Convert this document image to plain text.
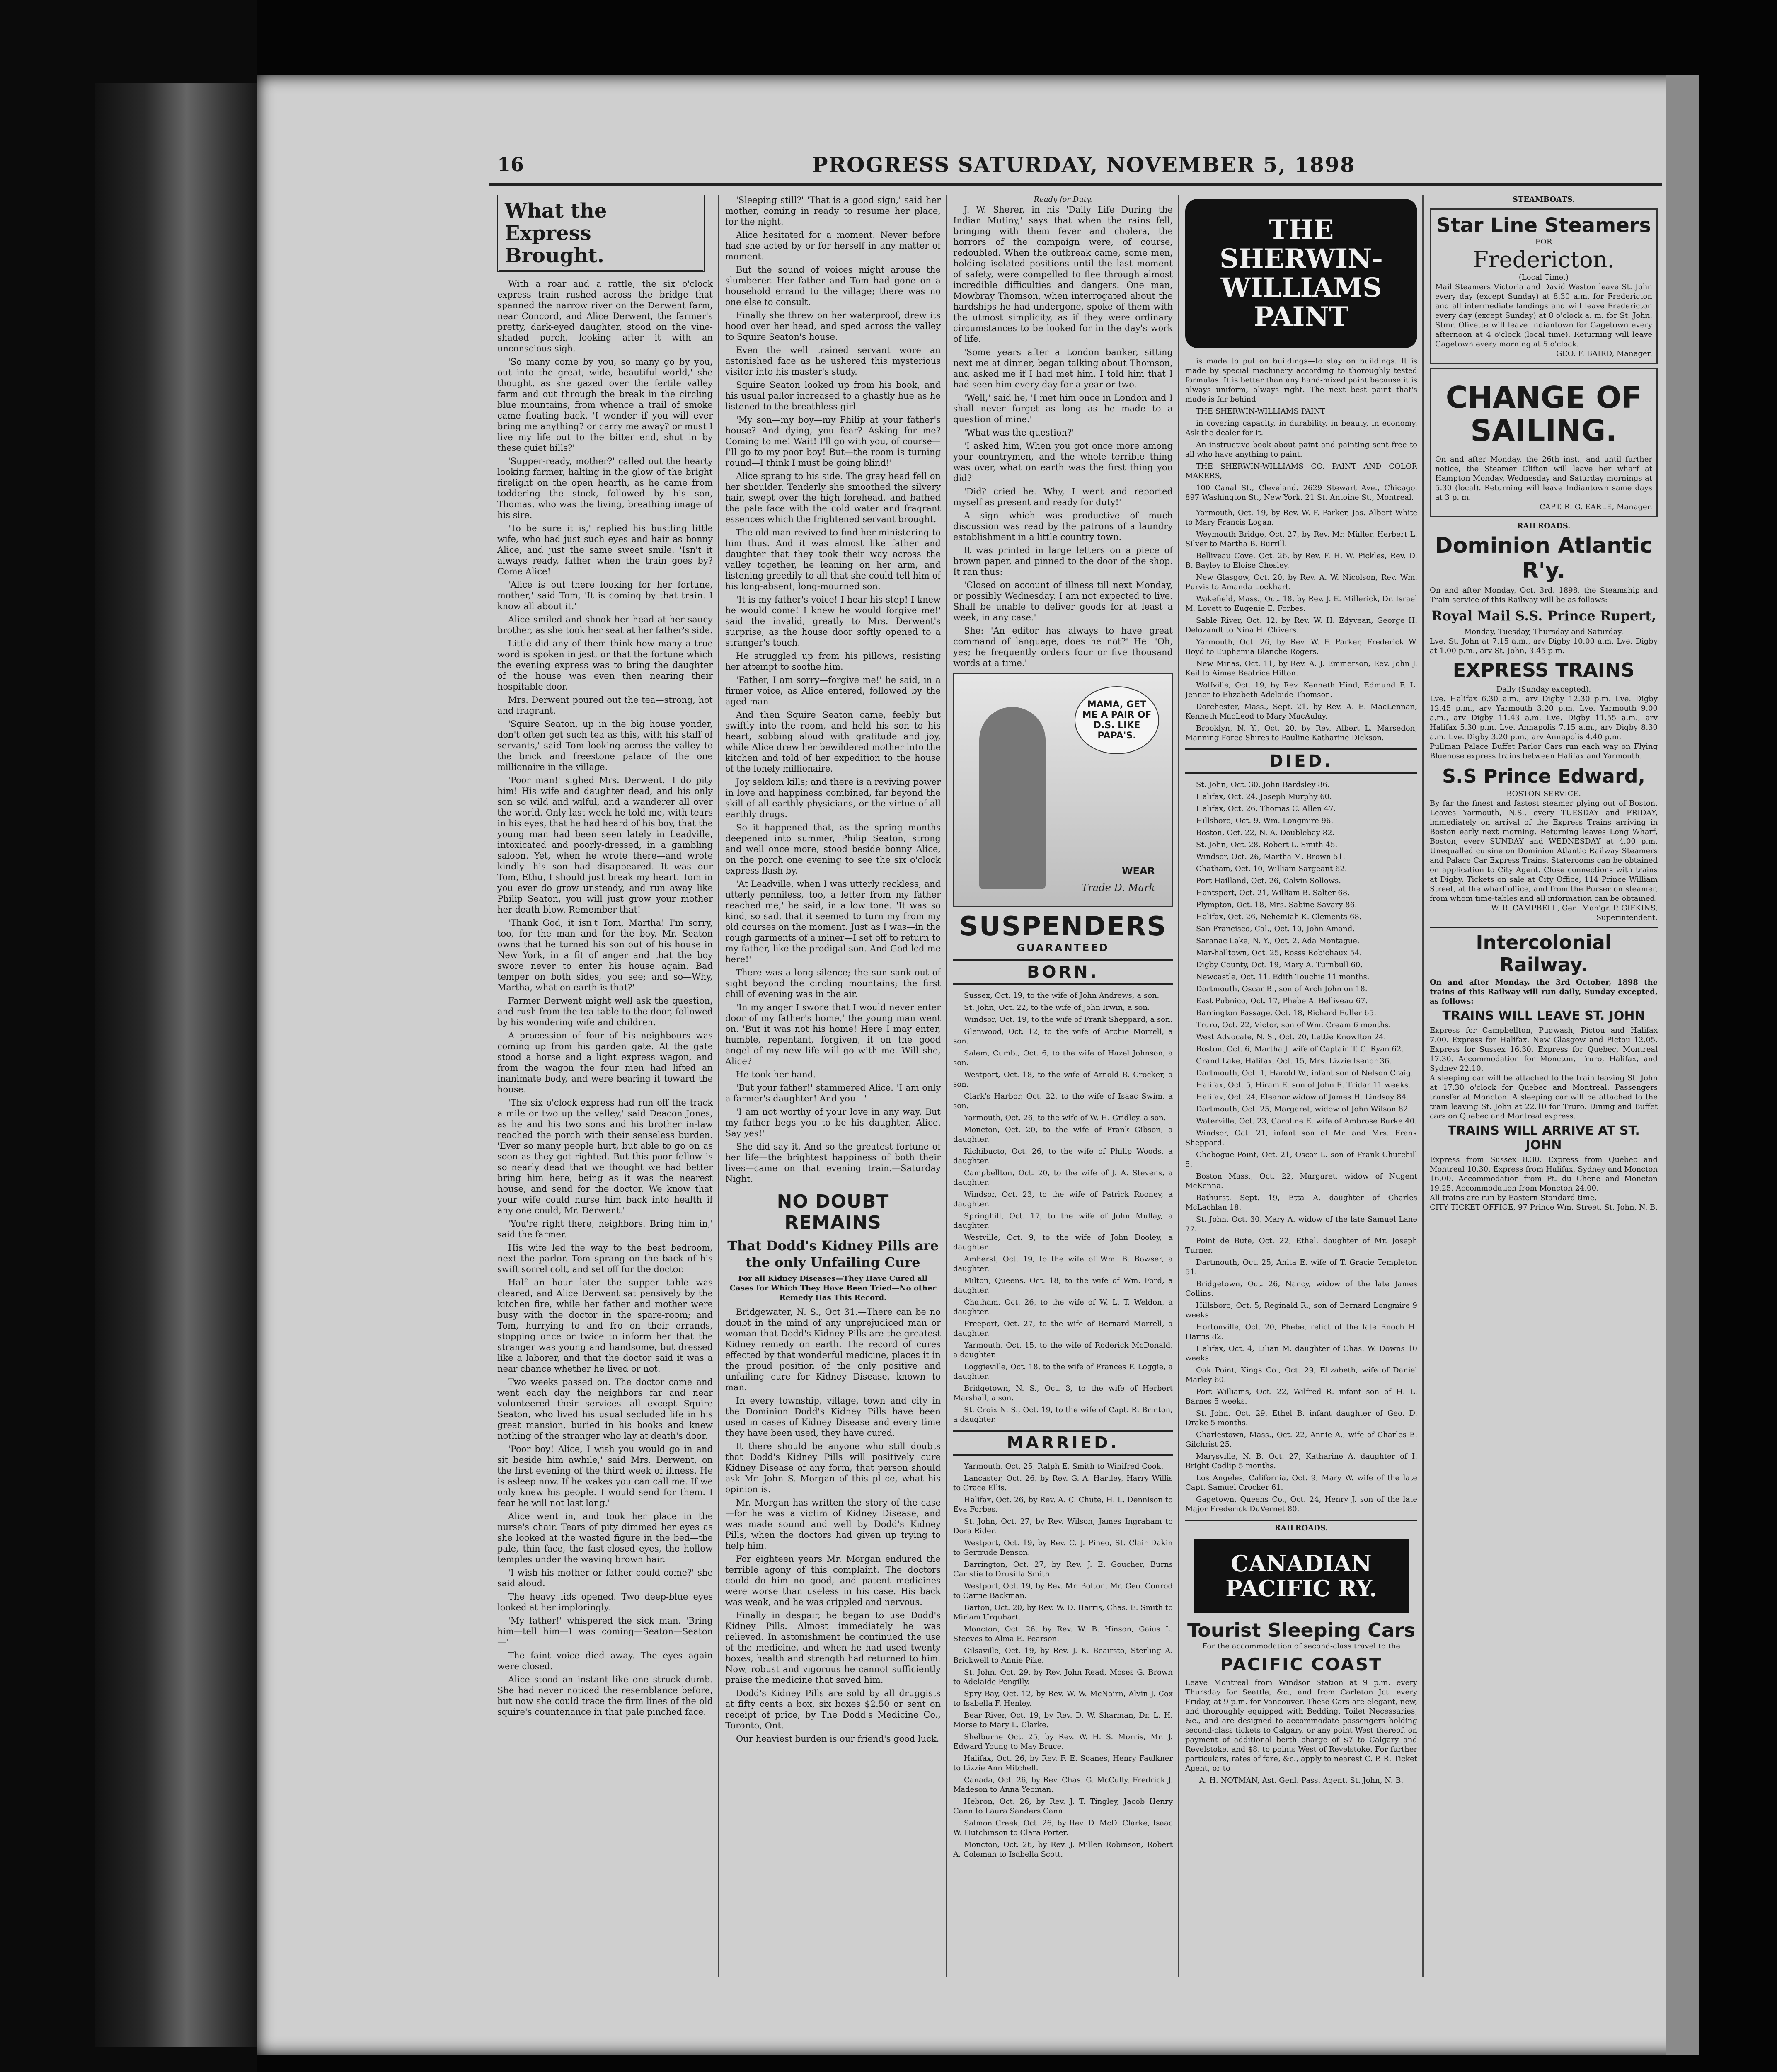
16	PROGRESS SATURDAY, NOVEMBER 5, 1898
What the Express Brought.

With a roar and a rattle, the six o'clock express train rushed across the bridge that spanned the narrow river on the Derwent farm, near Concord, and Alice Derwent, the farmer's pretty, dark-eyed daughter, stood on the vine-shaded porch, looking after it with an unconscious sigh.

'So many come by you, so many go by you, out into the great, wide, beautiful world,' she thought, as she gazed over the fertile valley farm and out through the break in the circling blue mountains, from whence a trail of smoke came floating back. 'I wonder if you will ever bring me anything? or carry me away? or must I live my life out to the bitter end, shut in by these quiet hills?'

'Supper-ready, mother?' called out the hearty looking farmer, halting in the glow of the bright firelight on the open hearth, as he came from toddering the stock, followed by his son, Thomas, who was the living, breathing image of his sire.

'To be sure it is,' replied his bustling little wife, who had just such eyes and hair as bonny Alice, and just the same sweet smile. 'Isn't it always ready, father when the train goes by? Come Alice!'

'Alice is out there looking for her fortune, mother,' said Tom, 'It is coming by that train. I know all about it.'

Alice smiled and shook her head at her saucy brother, as she took her seat at her father's side.

Little did any of them think how many a true word is spoken in jest, or that the fortune which the evening express was to bring the daughter of the house was even then nearing their hospitable door.

Mrs. Derwent poured out the tea—strong, hot and fragrant.

'Squire Seaton, up in the big house yonder, don't often get such tea as this, with his staff of servants,' said Tom looking across the valley to the brick and freestone palace of the one millionaire in the village.

'Poor man!' sighed Mrs. Derwent. 'I do pity him! His wife and daughter dead, and his only son so wild and wilful, and a wanderer all over the world. Only last week he told me, with tears in his eyes, that he had heard of his boy, that the young man had been seen lately in Leadville, intoxicated and poorly-dressed, in a gambling saloon. Yet, when he wrote there—and wrote kindly—his son had disappeared. It was our Tom, Ethu, I should just break my heart. Tom in you ever do grow unsteady, and run away like Philip Seaton, you will just grow your mother her death-blow. Remember that!'

'Thank God, it isn't Tom, Martha! I'm sorry, too, for the man and for the boy. Mr. Seaton owns that he turned his son out of his house in New York, in a fit of anger and that the boy swore never to enter his house again. Bad temper on both sides, you see; and so—Why, Martha, what on earth is that?'

Farmer Derwent might well ask the question, and rush from the tea-table to the door, followed by his wondering wife and children.

A procession of four of his neighbours was coming up from his garden gate. At the gate stood a horse and a light express wagon, and from the wagon the four men had lifted an inanimate body, and were bearing it toward the house.

'The six o'clock express had run off the track a mile or two up the valley,' said Deacon Jones, as he and his two sons and his brother in-law reached the porch with their senseless burden. 'Ever so many people hurt, but able to go on as soon as they got righted. But this poor fellow is so nearly dead that we thought we had better bring him here, being as it was the nearest house, and send for the doctor. We know that your wife could nurse him back into health if any one could, Mr. Derwent.'

'You're right there, neighbors. Bring him in,' said the farmer.

His wife led the way to the best bedroom, next the parlor. Tom sprang on the back of his swift sorrel colt, and set off for the doctor.

Half an hour later the supper table was cleared, and Alice Derwent sat pensively by the kitchen fire, while her father and mother were busy with the doctor in the spare-room; and Tom, hurrying to and fro on their errands, stopping once or twice to inform her that the stranger was young and handsome, but dressed like a laborer, and that the doctor said it was a near chance whether he lived or not.

Two weeks passed on. The doctor came and went each day the neighbors far and near volunteered their services—all except Squire Seaton, who lived his usual secluded life in his great mansion, buried in his books and knew nothing of the stranger who lay at death's door.

'Poor boy! Alice, I wish you would go in and sit beside him awhile,' said Mrs. Derwent, on the first evening of the third week of illness. He is asleep now. If he wakes you can call me. If we only knew his people. I would send for them. I fear he will not last long.'

Alice went in, and took her place in the nurse's chair. Tears of pity dimmed her eyes as she looked at the wasted figure in the bed—the pale, thin face, the fast-closed eyes, the hollow temples under the waving brown hair.

'I wish his mother or father could come?' she said aloud.

The heavy lids opened. Two deep-blue eyes looked at her imploringly.

'My father!' whispered the sick man. 'Bring him—tell him—I was coming—Seaton—Seaton—'

The faint voice died away. The eyes again were closed.

Alice stood an instant like one struck dumb. She had never noticed the resemblance before, but now she could trace the firm lines of the old squire's countenance in that pale pinched face.

'Sleeping still?' 'That is a good sign,' said her mother, coming in ready to resume her place, for the night.

Alice hesitated for a moment. Never before had she acted by or for herself in any matter of moment.

But the sound of voices might arouse the slumberer. Her father and Tom had gone on a household errand to the village; there was no one else to consult.

Finally she threw on her waterproof, drew its hood over her head, and sped across the valley to Squire Seaton's house.

Even the well trained servant wore an astonished face as he ushered this mysterious visitor into his master's study.

Squire Seaton looked up from his book, and his usual pallor increased to a ghastly hue as he listened to the breathless girl.

'My son—my boy—my Philip at your father's house? And dying, you fear? Asking for me? Coming to me! Wait! I'll go with you, of course—I'll go to my poor boy! But—the room is turning round—I think I must be going blind!'

Alice sprang to his side. The gray head fell on her shoulder. Tenderly she smoothed the silvery hair, swept over the high forehead, and bathed the pale face with the cold water and fragrant essences which the frightened servant brought.

The old man revived to find her ministering to him thus. And it was almost like father and daughter that they took their way across the valley together, he leaning on her arm, and listening greedily to all that she could tell him of his long-absent, long-mourned son.

'It is my father's voice! I hear his step! I knew he would come! I knew he would forgive me!' said the invalid, greatly to Mrs. Derwent's surprise, as the house door softly opened to a stranger's touch.

He struggled up from his pillows, resisting her attempt to soothe him.

'Father, I am sorry—forgive me!' he said, in a firmer voice, as Alice entered, followed by the aged man.

And then Squire Seaton came, feebly but swiftly into the room, and held his son to his heart, sobbing aloud with gratitude and joy, while Alice drew her bewildered mother into the kitchen and told of her expedition to the house of the lonely millionaire.

Joy seldom kills; and there is a reviving power in love and happiness combined, far beyond the skill of all earthly physicians, or the virtue of all earthly drugs.

So it happened that, as the spring months deepened into summer, Philip Seaton, strong and well once more, stood beside bonny Alice, on the porch one evening to see the six o'clock express flash by.

'At Leadville, when I was utterly reckless, and utterly penniless, too, a letter from my father reached me,' he said, in a low tone. 'It was so kind, so sad, that it seemed to turn my from my old courses on the moment. Just as I was—in the rough garments of a miner—I set off to return to my father, like the prodigal son. And God led me here!'

There was a long silence; the sun sank out of sight beyond the circling mountains; the first chill of evening was in the air.

'In my anger I swore that I would never enter door of my father's home,' the young man went on. 'But it was not his home! Here I may enter, humble, repentant, forgiven, it on the good angel of my new life will go with me. Will she, Alice?'

He took her hand.

'But your father!' stammered Alice. 'I am only a farmer's daughter! And you—'

'I am not worthy of your love in any way. But my father begs you to be his daughter, Alice. Say yes!'

She did say it. And so the greatest fortune of her life—the brightest happiness of both their lives—came on that evening train.—Saturday Night.

NO DOUBT REMAINS
That Dodd's Kidney Pills are the only Unfailing Cure
For all Kidney Diseases—They Have Cured all Cases for Which They Have Been Tried—No other Remedy Has This Record.

Bridgewater, N. S., Oct 31.—There can be no doubt in the mind of any unprejudiced man or woman that Dodd's Kidney Pills are the greatest Kidney remedy on earth. The record of cures effected by that wonderful medicine, places it in the proud position of the only positive and unfailing cure for Kidney Disease, known to man.

In every township, village, town and city in the Dominion Dodd's Kidney Pills have been used in cases of Kidney Disease and every time they have been used, they have cured.

It there should be anyone who still doubts that Dodd's Kidney Pills will positively cure Kidney Disease of any form, that person should ask Mr. John S. Morgan of this pl ce, what his opinion is.

Mr. Morgan has written the story of the case—for he was a victim of Kidney Disease, and was made sound and well by Dodd's Kidney Pills, when the doctors had given up trying to help him.

For eighteen years Mr. Morgan endured the terrible agony of this complaint. The doctors could do him no good, and patent medicines were worse than useless in his case. His back was weak, and he was crippled and nervous.

Finally in despair, he began to use Dodd's Kidney Pills. Almost immediately he was relieved. In astonishment he continued the use of the medicine, and when he had used twenty boxes, health and strength had returned to him. Now, robust and vigorous he cannot sufficiently praise the medicine that saved him.

Dodd's Kidney Pills are sold by all druggists at fifty cents a box, six boxes $2.50 or sent on receipt of price, by The Dodd's Medicine Co., Toronto, Ont.

Our heaviest burden is our friend's good luck.

Ready for Duty.

J. W. Sherer, in his 'Daily Life During the Indian Mutiny,' says that when the rains fell, bringing with them fever and cholera, the horrors of the campaign were, of course, redoubled. When the outbreak came, some men, holding isolated positions until the last moment of safety, were compelled to flee through almost incredible difficulties and dangers. One man, Mowbray Thomson, when interrogated about the hardships he had undergone, spoke of them with the utmost simplicity, as if they were ordinary circumstances to be looked for in the day's work of life.

'Some years after a London banker, sitting next me at dinner, began talking about Thomson, and asked me if I had met him. I told him that I had seen him every day for a year or two.

'Well,' said he, 'I met him once in London and I shall never forget as long as he made to a question of mine.'

'What was the question?'

'I asked him, When you got once more among your countrymen, and the whole terrible thing was over, what on earth was the first thing you did?'

'Did? cried he. Why, I went and reported myself as present and ready for duty!'

A sign which was productive of much discussion was read by the patrons of a laundry establishment in a little country town.

It was printed in large letters on a piece of brown paper, and pinned to the door of the shop. It ran thus:

'Closed on account of illness till next Monday, or possibly Wednesday. I am not expected to live. Shall be unable to deliver goods for at least a week, in any case.'

She: 'An editor has always to have great command of language, does he not?' He: 'Oh, yes; he frequently orders four or five thousand words at a time.'

MAMA, GET ME A PAIR OF D.S. LIKE PAPA'S.
WEAR
Trade D. Mark
SUSPENDERS
GUARANTEED
BORN.

Sussex, Oct. 19, to the wife of John Andrews, a son.

St. John, Oct. 22, to the wife of John Irwin, a son.

Windsor, Oct. 19, to the wife of Frank Sheppard, a son.

Glenwood, Oct. 12, to the wife of Archie Morrell, a son.

Salem, Cumb., Oct. 6, to the wife of Hazel Johnson, a son.

Westport, Oct. 18, to the wife of Arnold B. Crocker, a son.

Clark's Harbor, Oct. 22, to the wife of Isaac Swim, a son.

Yarmouth, Oct. 26, to the wife of W. H. Gridley, a son.

Moncton, Oct. 20, to the wife of Frank Gibson, a daughter.

Richibucto, Oct. 26, to the wife of Philip Woods, a daughter.

Campbellton, Oct. 20, to the wife of J. A. Stevens, a daughter.

Windsor, Oct. 23, to the wife of Patrick Rooney, a daughter.

Springhill, Oct. 17, to the wife of John Mullay, a daughter.

Westville, Oct. 9, to the wife of John Dooley, a daughter.

Amherst, Oct. 19, to the wife of Wm. B. Bowser, a daughter.

Milton, Queens, Oct. 18, to the wife of Wm. Ford, a daughter.

Chatham, Oct. 26, to the wife of W. L. T. Weldon, a daughter.

Freeport, Oct. 27, to the wife of Bernard Morrell, a daughter.

Yarmouth, Oct. 15, to the wife of Roderick McDonald, a daughter.

Loggieville, Oct. 18, to the wife of Frances F. Loggie, a daughter.

Bridgetown, N. S., Oct. 3, to the wife of Herbert Marshall, a son.

St. Croix N. S., Oct. 19, to the wife of Capt. R. Brinton, a daughter.

MARRIED.

Yarmouth, Oct. 25, Ralph E. Smith to Winifred Cook.

Lancaster, Oct. 26, by Rev. G. A. Hartley, Harry Willis to Grace Ellis.

Halifax, Oct. 26, by Rev. A. C. Chute, H. L. Dennison to Eva Forbes.

St. John, Oct. 27, by Rev. Wilson, James Ingraham to Dora Rider.

Westport, Oct. 19, by Rev. C. J. Pineo, St. Clair Dakin to Gertrude Benson.

Barrington, Oct. 27, by Rev. J. E. Goucher, Burns Carlstie to Drusilla Smith.

Westport, Oct. 19, by Rev. Mr. Bolton, Mr. Geo. Conrod to Carrie Backman.

Barton, Oct. 20, by Rev. W. D. Harris, Chas. E. Smith to Miriam Urquhart.

Moncton, Oct. 26, by Rev. W. B. Hinson, Gaius L. Steeves to Alma E. Pearson.

Gilsaville, Oct. 19, by Rev. J. K. Beairsto, Sterling A. Brickwell to Annie Pike.

St. John, Oct. 29, by Rev. John Read, Moses G. Brown to Adelaide Pengilly.

Spry Bay, Oct. 12, by Rev. W. W. McNairn, Alvin J. Cox to Isabella F. Henley.

Bear River, Oct. 19, by Rev. D. W. Sharman, Dr. L. H. Morse to Mary L. Clarke.

Shelburne Oct. 25, by Rev. W. H. S. Morris, Mr. J. Edward Young to May Bruce.

Halifax, Oct. 26, by Rev. F. E. Soanes, Henry Faulkner to Lizzie Ann Mitchell.

Canada, Oct. 26, by Rev. Chas. G. McCully, Fredrick J. Madeson to Anna Yeoman.

Hebron, Oct. 26, by Rev. J. T. Tingley, Jacob Henry Cann to Laura Sanders Cann.

Salmon Creek, Oct. 26, by Rev. D. McD. Clarke, Isaac W. Hutchinson to Clara Porter.

Moncton, Oct. 26, by Rev. J. Millen Robinson, Robert A. Coleman to Isabella Scott.

THE SHERWIN-WILLIAMS PAINT

is made to put on buildings—to stay on buildings. It is made by special machinery according to thoroughly tested formulas. It is better than any hand-mixed paint because it is always uniform, always right. The next best paint that's made is far behind

THE SHERWIN-WILLIAMS PAINT

in covering capacity, in durability, in beauty, in economy. Ask the dealer for it.

An instructive book about paint and painting sent free to all who have anything to paint.

THE SHERWIN-WILLIAMS CO. PAINT AND COLOR MAKERS,

100 Canal St., Cleveland. 2629 Stewart Ave., Chicago. 897 Washington St., New York. 21 St. Antoine St., Montreal.

Yarmouth, Oct. 19, by Rev. W. F. Parker, Jas. Albert White to Mary Francis Logan.

Weymouth Bridge, Oct. 27, by Rev. Mr. Müller, Herbert L. Silver to Martha B. Burrill.

Belliveau Cove, Oct. 26, by Rev. F. H. W. Pickles, Rev. D. B. Bayley to Eloise Chesley.

New Glasgow, Oct. 20, by Rev. A. W. Nicolson, Rev. Wm. Purvis to Amanda Lockhart.

Wakefield, Mass., Oct. 18, by Rev. J. E. Millerick, Dr. Israel M. Lovett to Eugenie E. Forbes.

Sable River, Oct. 12, by Rev. W. H. Edyvean, George H. Delozandt to Nina H. Chivers.

Yarmouth, Oct. 26, by Rev. W. F. Parker, Frederick W. Boyd to Euphemia Blanche Rogers.

New Minas, Oct. 11, by Rev. A. J. Emmerson, Rev. John J. Keil to Aimee Beatrice Hilton.

Wolfville, Oct. 19, by Rev. Kenneth Hind, Edmund F. L. Jenner to Elizabeth Adelaide Thomson.

Dorchester, Mass., Sept. 21, by Rev. A. E. MacLennan, Kenneth MacLeod to Mary MacAulay.

Brooklyn, N. Y., Oct. 20, by Rev. Albert L. Marsedon, Manning Force Shires to Pauline Katharine Dickson.

DIED.

St. John, Oct. 30, John Bardsley 86.

Halifax, Oct. 24, Joseph Murphy 60.

Halifax, Oct. 26, Thomas C. Allen 47.

Hillsboro, Oct. 9, Wm. Longmire 96.

Boston, Oct. 22, N. A. Doublebay 82.

St. John, Oct. 28, Robert L. Smith 45.

Windsor, Oct. 26, Martha M. Brown 51.

Chatham, Oct. 10, William Sargeant 62.

Port Hailland, Oct. 26, Calvin Sollows.

Hantsport, Oct. 21, William B. Salter 68.

Plympton, Oct. 18, Mrs. Sabine Savary 86.

Halifax, Oct. 26, Nehemiah K. Clements 68.

San Francisco, Cal., Oct. 10, John Amand.

Saranac Lake, N. Y., Oct. 2, Ada Montague.

Mar-halltown, Oct. 25, Rosss Robichaux 54.

Digby County, Oct. 19, Mary A. Turnbull 60.

Newcastle, Oct. 11, Edith Touchie 11 months.

Dartmouth, Oscar B., son of Arch John on 18.

East Pubnico, Oct. 17, Phebe A. Belliveau 67.

Barrington Passage, Oct. 18, Richard Fuller 65.

Truro, Oct. 22, Victor, son of Wm. Cream 6 months.

West Advocate, N. S., Oct. 20, Lettie Knowlton 24.

Boston, Oct. 6, Martha J. wife of Captain T. C. Ryan 62.

Grand Lake, Halifax, Oct. 15, Mrs. Lizzie Isenor 36.

Dartmouth, Oct. 1, Harold W., infant son of Nelson Craig.

Halifax, Oct. 5, Hiram E. son of John E. Tridar 11 weeks.

Halifax, Oct. 24, Eleanor widow of James H. Lindsay 84.

Dartmouth, Oct. 25, Margaret, widow of John Wilson 82.

Waterville, Oct. 23, Caroline E. wife of Ambrose Burke 40.

Windsor, Oct. 21, infant son of Mr. and Mrs. Frank Sheppard.

Chebogue Point, Oct. 21, Oscar L. son of Frank Churchill 5.

Boston Mass., Oct. 22, Margaret, widow of Nugent McKenna.

Bathurst, Sept. 19, Etta A. daughter of Charles McLachlan 18.

St. John, Oct. 30, Mary A. widow of the late Samuel Lane 77.

Point de Bute, Oct. 22, Ethel, daughter of Mr. Joseph Turner.

Dartmouth, Oct. 25, Anita E. wife of T. Gracie Templeton 51.

Bridgetown, Oct. 26, Nancy, widow of the late James Collins.

Hillsboro, Oct. 5, Reginald R., son of Bernard Longmire 9 weeks.

Hortonville, Oct. 20, Phebe, relict of the late Enoch H. Harris 82.

Halifax, Oct. 4, Lilian M. daughter of Chas. W. Downs 10 weeks.

Oak Point, Kings Co., Oct. 29, Elizabeth, wife of Daniel Marley 60.

Port Williams, Oct. 22, Wilfred R. infant son of H. L. Barnes 5 weeks.

St. John, Oct. 29, Ethel B. infant daughter of Geo. D. Drake 5 months.

Charlestown, Mass., Oct. 22, Annie A., wife of Charles E. Gilchrist 25.

Marysville, N. B. Oct. 27, Katharine A. daughter of I. Bright Codlip 5 months.

Los Angeles, California, Oct. 9, Mary W. wife of the late Capt. Samuel Crocker 61.

Gagetown, Queens Co., Oct. 24, Henry J. son of the late Major Frederick DuVernet 80.

RAILROADS.
CANADIAN PACIFIC RY.
Tourist Sleeping Cars
For the accommodation of second-class travel to the
PACIFIC COAST
Leave Montreal from Windsor Station at 9 p.m. every Thursday for Seattle, &c., and from Carleton Jct. every Friday, at 9 p.m. for Vancouver. These Cars are elegant, new, and thoroughly equipped with Bedding, Toilet Necessaries, &c., and are designed to accommodate passengers holding second-class tickets to Calgary, or any point West thereof, on payment of additional berth charge of $7 to Calgary and Revelstoke, and $8, to points West of Revelstoke. For further particulars, rates of fare, &c., apply to nearest C. P. R. Ticket Agent, or to
A. H. NOTMAN, Ast. Genl. Pass. Agent. St. John, N. B.
STEAMBOATS.
Star Line Steamers
—FOR—
Fredericton.
(Local Time.)
Mail Steamers Victoria and David Weston leave St. John every day (except Sunday) at 8.30 a.m. for Fredericton and all intermediate landings and will leave Fredericton every day (except Sunday) at 8 o'clock a. m. for St. John. Stmr. Olivette will leave Indiantown for Gagetown every afternoon at 4 o'clock (local time). Returning will leave Gagetown every morning at 5 o'clock.
GEO. F. BAIRD, Manager.
CHANGE OF SAILING.
On and after Monday, the 26th inst., and until further notice, the Steamer Clifton will leave her wharf at Hampton Monday, Wednesday and Saturday mornings at 5.30 (local). Returning will leave Indiantown same days at 3 p. m.
CAPT. R. G. EARLE, Manager.
RAILROADS.
Dominion Atlantic R'y.
On and after Monday, Oct. 3rd, 1898, the Steamship and Train service of this Railway will be as follows:
Royal Mail S.S. Prince Rupert,
Monday, Tuesday, Thursday and Saturday.
Lve. St. John at 7.15 a.m., arv Digby 10.00 a.m. Lve. Digby at 1.00 p.m., arv St. John, 3.45 p.m.
EXPRESS TRAINS
Daily (Sunday excepted).
Lve. Halifax 6.30 a.m., arv Digby 12.30 p.m. Lve. Digby 12.45 p.m., arv Yarmouth 3.20 p.m. Lve. Yarmouth 9.00 a.m., arv Digby 11.43 a.m. Lve. Digby 11.55 a.m., arv Halifax 5.30 p.m. Lve. Annapolis 7.15 a.m., arv Digby 8.30 a.m. Lve. Digby 3.20 p.m., arv Annapolis 4.40 p.m.
Pullman Palace Buffet Parlor Cars run each way on Flying Bluenose express trains between Halifax and Yarmouth.
S.S Prince Edward,
BOSTON SERVICE.
By far the finest and fastest steamer plying out of Boston. Leaves Yarmouth, N.S., every TUESDAY and FRIDAY, immediately on arrival of the Express Trains arriving in Boston early next morning. Returning leaves Long Wharf, Boston, every SUNDAY and WEDNESDAY at 4.00 p.m. Unequalled cuisine on Dominion Atlantic Railway Steamers and Palace Car Express Trains. Staterooms can be obtained on application to City Agent. Close connections with trains at Digby. Tickets on sale at City Office, 114 Prince William Street, at the wharf office, and from the Purser on steamer, from whom time-tables and all information can be obtained.
W. R. CAMPBELL, Gen. Man'gr. P. GIFKINS, Superintendent.
Intercolonial Railway.
On and after Monday, the 3rd October, 1898 the trains of this Railway will run daily, Sunday excepted, as follows:
TRAINS WILL LEAVE ST. JOHN
Express for Campbellton, Pugwash, Pictou and Halifax 7.00. Express for Halifax, New Glasgow and Pictou 12.05. Express for Sussex 16.30. Express for Quebec, Montreal 17.30. Accommodation for Moncton, Truro, Halifax, and Sydney 22.10.
A sleeping car will be attached to the train leaving St. John at 17.30 o'clock for Quebec and Montreal. Passengers transfer at Moncton. A sleeping car will be attached to the train leaving St. John at 22.10 for Truro. Dining and Buffet cars on Quebec and Montreal express.
TRAINS WILL ARRIVE AT ST. JOHN
Express from Sussex 8.30. Express from Quebec and Montreal 10.30. Express from Halifax, Sydney and Moncton 16.00. Accommodation from Pt. du Chene and Moncton 19.25. Accommodation from Moncton 24.00.
All trains are run by Eastern Standard time.
CITY TICKET OFFICE, 97 Prince Wm. Street, St. John, N. B.
